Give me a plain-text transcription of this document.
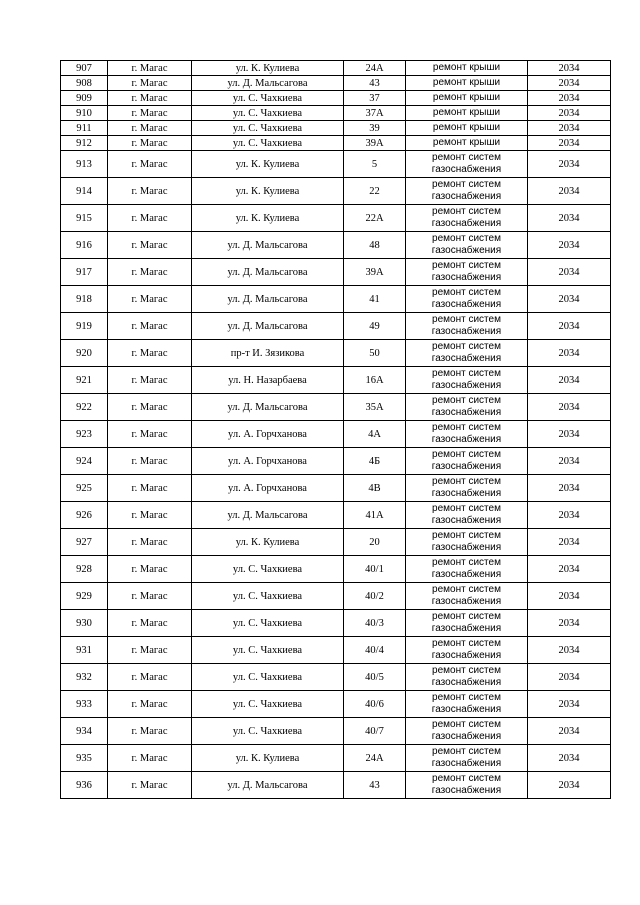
907	г. Магас	ул. К. Кулиева	24А	ремонт крыши	2034
908	г. Магас	ул. Д. Мальсагова	43	ремонт крыши	2034
909	г. Магас	ул. С. Чахкиева	37	ремонт крыши	2034
910	г. Магас	ул. С. Чахкиева	37А	ремонт крыши	2034
911	г. Магас	ул. С. Чахкиева	39	ремонт крыши	2034
912	г. Магас	ул. С. Чахкиева	39А	ремонт крыши	2034
913	г. Магас	ул. К. Кулиева	5	ремонт систем газоснабжения	2034
914	г. Магас	ул. К. Кулиева	22	ремонт систем газоснабжения	2034
915	г. Магас	ул. К. Кулиева	22А	ремонт систем газоснабжения	2034
916	г. Магас	ул. Д. Мальсагова	48	ремонт систем газоснабжения	2034
917	г. Магас	ул. Д. Мальсагова	39А	ремонт систем газоснабжения	2034
918	г. Магас	ул. Д. Мальсагова	41	ремонт систем газоснабжения	2034
919	г. Магас	ул. Д. Мальсагова	49	ремонт систем газоснабжения	2034
920	г. Магас	пр-т И. Зязикова	50	ремонт систем газоснабжения	2034
921	г. Магас	ул. Н. Назарбаева	16А	ремонт систем газоснабжения	2034
922	г. Магас	ул. Д. Мальсагова	35А	ремонт систем газоснабжения	2034
923	г. Магас	ул. А. Горчханова	4А	ремонт систем газоснабжения	2034
924	г. Магас	ул. А. Горчханова	4Б	ремонт систем газоснабжения	2034
925	г. Магас	ул. А. Горчханова	4В	ремонт систем газоснабжения	2034
926	г. Магас	ул. Д. Мальсагова	41А	ремонт систем газоснабжения	2034
927	г. Магас	ул. К. Кулиева	20	ремонт систем газоснабжения	2034
928	г. Магас	ул. С. Чахкиева	40/1	ремонт систем газоснабжения	2034
929	г. Магас	ул. С. Чахкиева	40/2	ремонт систем газоснабжения	2034
930	г. Магас	ул. С. Чахкиева	40/3	ремонт систем газоснабжения	2034
931	г. Магас	ул. С. Чахкиева	40/4	ремонт систем газоснабжения	2034
932	г. Магас	ул. С. Чахкиева	40/5	ремонт систем газоснабжения	2034
933	г. Магас	ул. С. Чахкиева	40/6	ремонт систем газоснабжения	2034
934	г. Магас	ул. С. Чахкиева	40/7	ремонт систем газоснабжения	2034
935	г. Магас	ул. К. Кулиева	24А	ремонт систем газоснабжения	2034
936	г. Магас	ул. Д. Мальсагова	43	ремонт систем газоснабжения	2034
